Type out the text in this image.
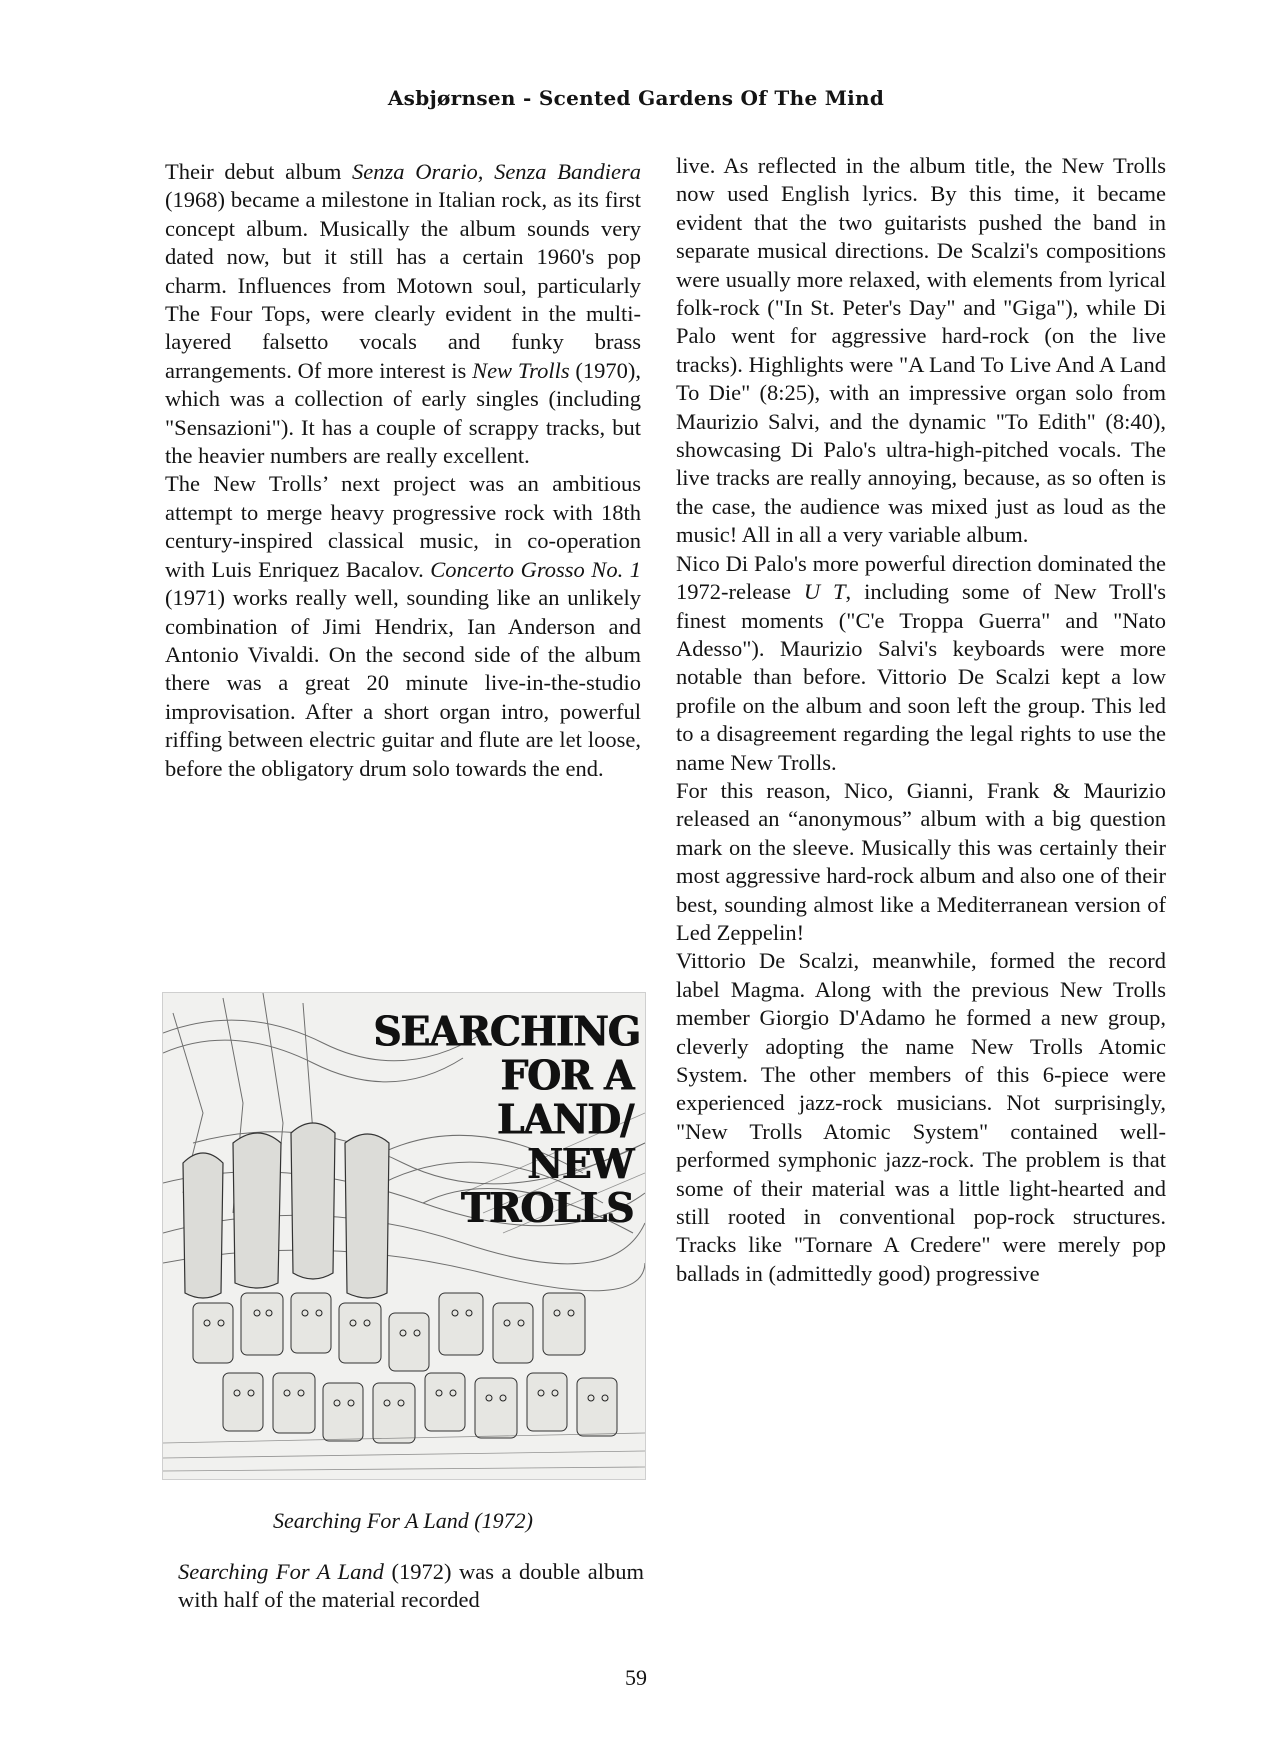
Asbjørnsen - Scented Gardens Of The Mind

Their debut album Senza Orario, Senza Bandiera (1968) became a milestone in Italian rock, as its first concept album. Musically the album sounds very dated now, but it still has a certain 1960's pop charm. Influences from Motown soul, particularly The Four Tops, were clearly evident in the multi-layered falsetto vocals and funky brass arrangements. Of more interest is New Trolls (1970), which was a collection of early singles (including "Sensazioni"). It has a couple of scrappy tracks, but the heavier numbers are really excellent.

The New Trolls’ next project was an ambitious attempt to merge heavy progressive rock with 18th century-inspired classical music, in co-operation with Luis Enriquez Bacalov. Concerto Grosso No. 1 (1971) works really well, sounding like an unlikely combination of Jimi Hendrix, Ian Anderson and Antonio Vivaldi. On the second side of the album there was a great 20 minute live-in-the-studio improvisation. After a short organ intro, powerful riffing between electric guitar and flute are let loose, before the obligatory drum solo towards the end.

SEARCHING
FOR A LAND/
NEW TROLLS
Searching For A Land (1972)
Searching For A Land (1972) was a double album with half of the material recorded

live. As reflected in the album title, the New Trolls now used English lyrics. By this time, it became evident that the two guitarists pushed the band in separate musical directions. De Scalzi's compositions were usually more relaxed, with elements from lyrical folk-rock ("In St. Peter's Day" and "Giga"), while Di Palo went for aggressive hard-rock (on the live tracks). Highlights were "A Land To Live And A Land To Die" (8:25), with an impressive organ solo from Maurizio Salvi, and the dynamic "To Edith" (8:40), showcasing Di Palo's ultra-high-pitched vocals. The live tracks are really annoying, because, as so often is the case, the audience was mixed just as loud as the music! All in all a very variable album.

Nico Di Palo's more powerful direction dominated the 1972-release U T, including some of New Troll's finest moments ("C'e Troppa Guerra" and "Nato Adesso"). Maurizio Salvi's keyboards were more notable than before. Vittorio De Scalzi kept a low profile on the album and soon left the group. This led to a disagreement regarding the legal rights to use the name New Trolls.

For this reason, Nico, Gianni, Frank & Maurizio released an “anonymous” album with a big question mark on the sleeve. Musically this was certainly their most aggressive hard-rock album and also one of their best, sounding almost like a Mediterranean version of Led Zeppelin!

Vittorio De Scalzi, meanwhile, formed the record label Magma. Along with the previous New Trolls member Giorgio D'Adamo he formed a new group, cleverly adopting the name New Trolls Atomic System. The other members of this 6-piece were experienced jazz-rock musicians. Not surprisingly, "New Trolls Atomic System" contained well-performed symphonic jazz-rock. The problem is that some of their material was a little light-hearted and still rooted in conventional pop-rock structures. Tracks like "Tornare A Credere" were merely pop ballads in (admittedly good) progressive

59
